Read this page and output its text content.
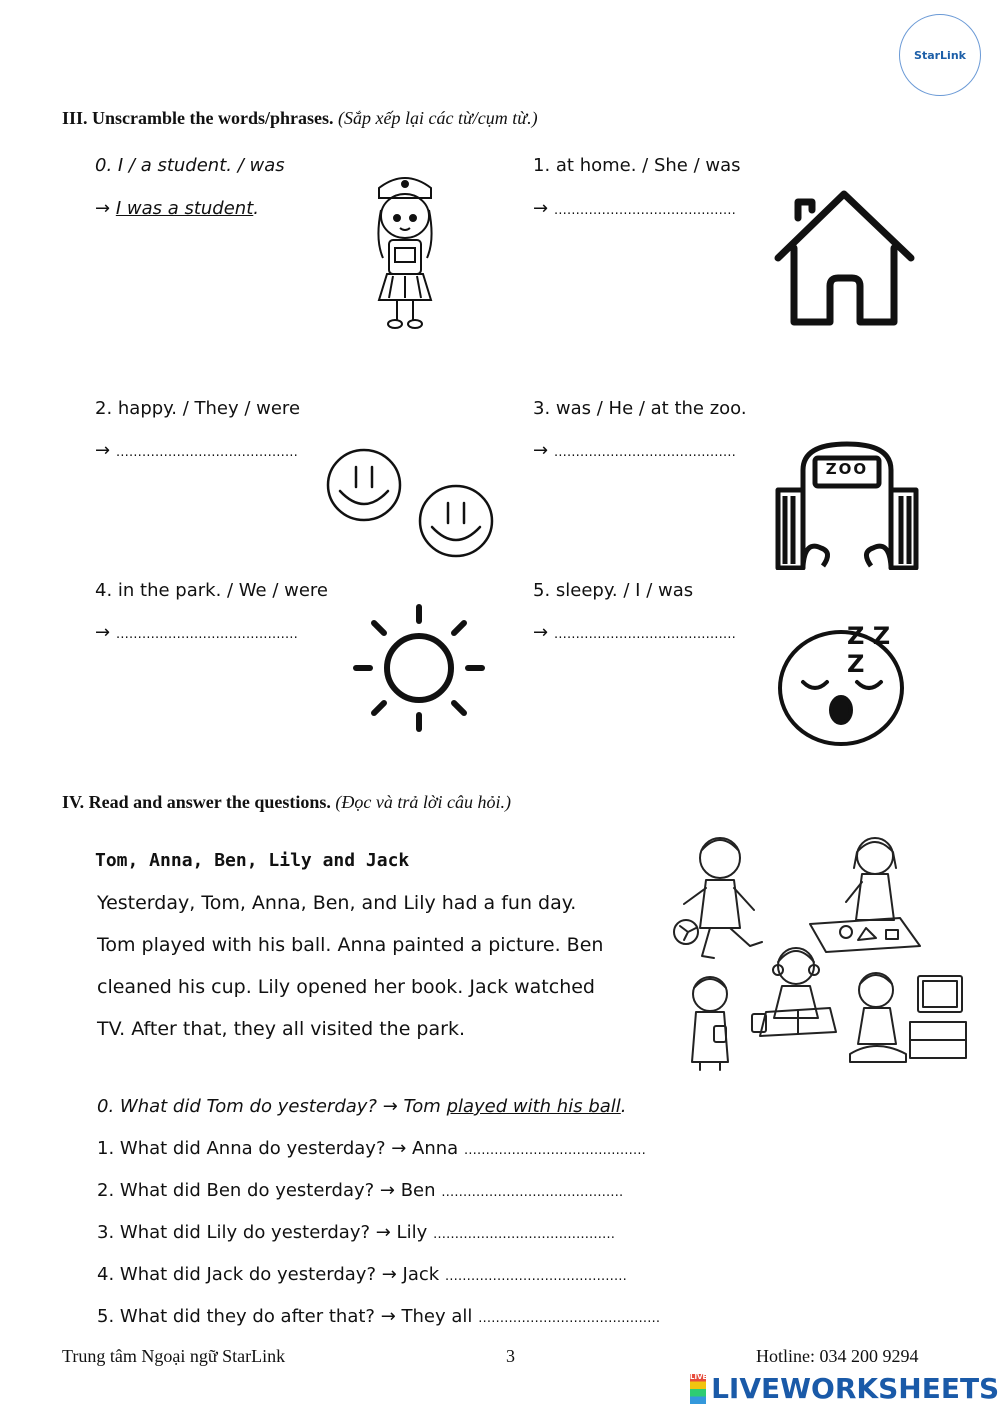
StarLink
III. Unscramble the words/phrases. (Sắp xếp lại các từ/cụm từ.)
0. I / a student. / was
→ I was a student.
1. at home. / She / was
→ ……………………………………
2. happy. / They / were
→ ……………………………………
3. was / He / at the zoo.
→ ……………………………………
ZOO
4. in the park. / We / were
→ ……………………………………
5. sleepy. / I / was
→ ……………………………………	Z Z Z
IV. Read and answer the questions. (Đọc và trả lời câu hỏi.)
Tom, Anna, Ben, Lily and Jack
Yesterday, Tom, Anna, Ben, and Lily had a fun day.
Tom played with his ball. Anna painted a picture. Ben
cleaned his cup. Lily opened her book. Jack watched
TV. After that, they all visited the park.
0. What did Tom do yesterday? → Tom played with his ball.
1. What did Anna do yesterday? → Anna ……………………………………
2. What did Ben do yesterday? → Ben ……………………………………
3. What did Lily do yesterday? → Lily ……………………………………
4. What did Jack do yesterday? → Jack ……………………………………
5. What did they do after that? → They all ……………………………………
Trung tâm Ngoại ngữ StarLink	3	Hotline: 034 200 9294
LIVE LIVEWORKSHEETS
